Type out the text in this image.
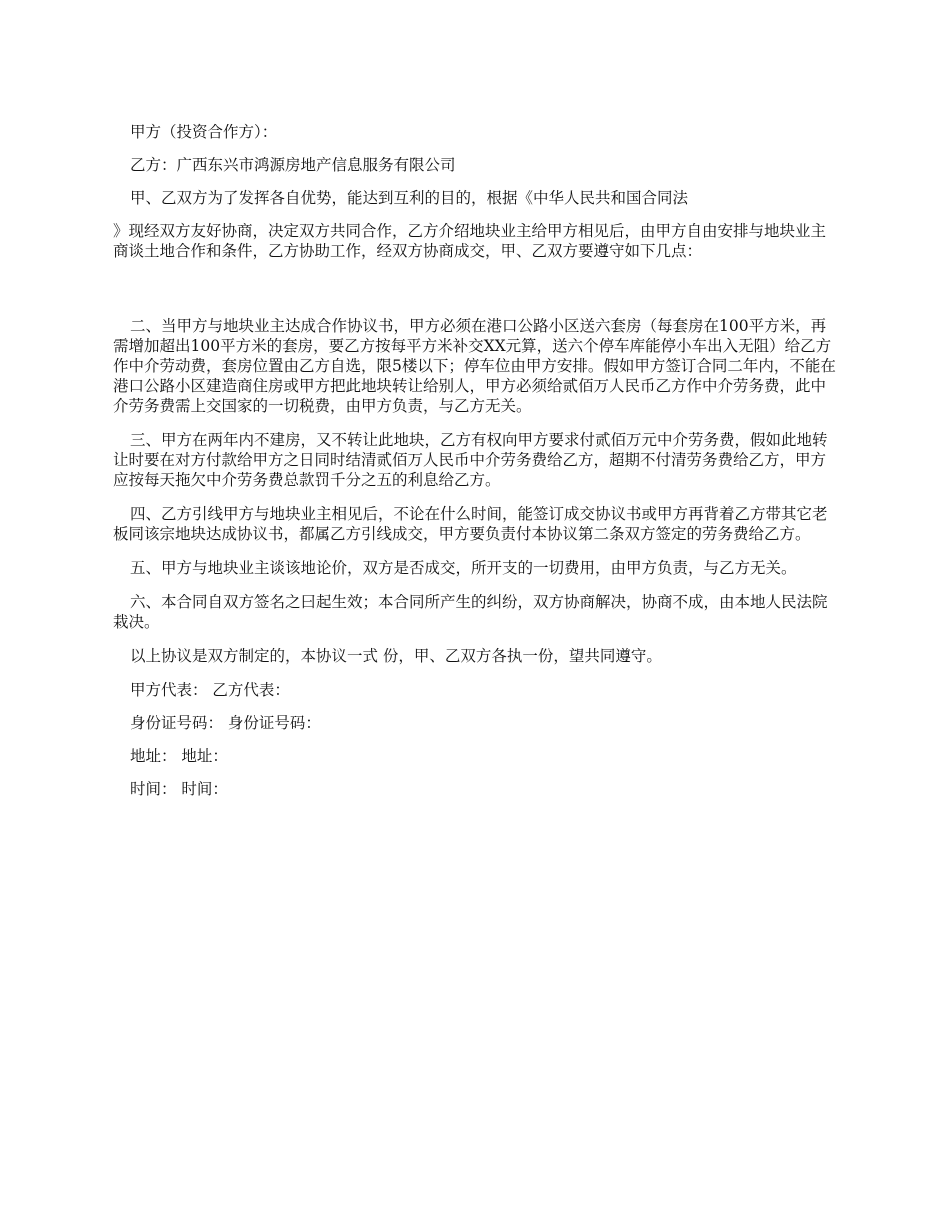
甲方（投资合作方）：

乙方：广西东兴市鸿源房地产信息服务有限公司

甲、乙双方为了发挥各自优势，能达到互利的目的，根据《中华人民共和国合同法

》现经双方友好协商，决定双方共同合作，乙方介绍地块业主给甲方相见后，由甲方自由安排与地块业主商谈土地合作和条件，乙方协助工作，经双方协商成交，甲、乙双方要遵守如下几点：

二、当甲方与地块业主达成合作协议书，甲方必须在港口公路小区送六套房（每套房在100平方米，再需增加超出100平方米的套房，要乙方按每平方米补交XX元算，送六个停车库能停小车出入无阻）给乙方作中介劳动费，套房位置由乙方自选，限5楼以下；停车位由甲方安排。假如甲方签订合同二年内，不能在港口公路小区建造商住房或甲方把此地块转让给别人，甲方必须给贰佰万人民币乙方作中介劳务费，此中介劳务费需上交国家的一切税费，由甲方负责，与乙方无关。

三、甲方在两年内不建房，又不转让此地块，乙方有权向甲方要求付贰佰万元中介劳务费，假如此地转让时要在对方付款给甲方之日同时结清贰佰万人民币中介劳务费给乙方，超期不付清劳务费给乙方，甲方应按每天拖欠中介劳务费总款罚千分之五的利息给乙方。

四、乙方引线甲方与地块业主相见后，不论在什么时间，能签订成交协议书或甲方再背着乙方带其它老板同该宗地块达成协议书，都属乙方引线成交，甲方要负责付本协议第二条双方签定的劳务费给乙方。

五、甲方与地块业主谈该地论价，双方是否成交，所开支的一切费用，由甲方负责，与乙方无关。

六、本合同自双方签名之曰起生效；本合同所产生的纠纷，双方协商解决，协商不成，由本地人民法院栽决。

以上协议是双方制定的，本协议一式 份，甲、乙双方各执一份，望共同遵守。

甲方代表： 乙方代表：

身份证号码： 身份证号码：

地址： 地址：

时间： 时间：
